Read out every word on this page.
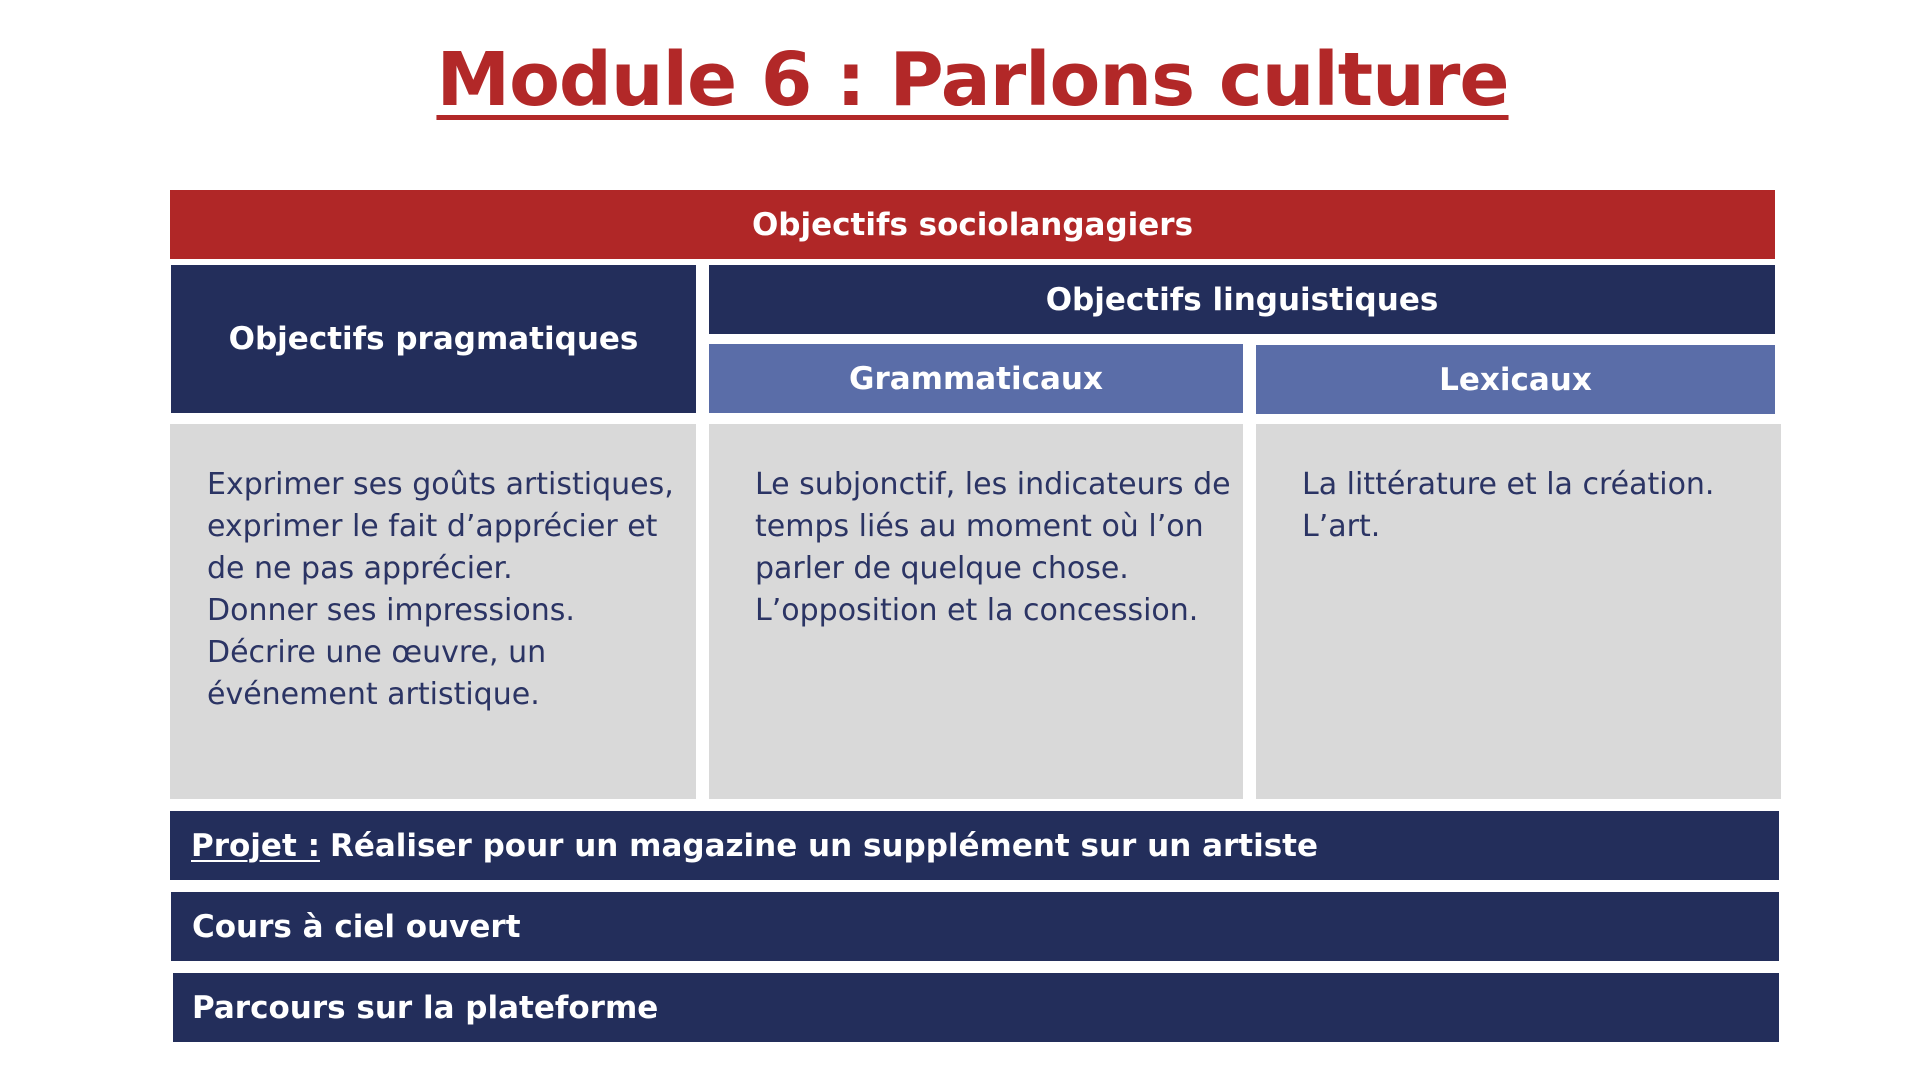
Module 6 : Parlons culture
Objectifs sociolangagiers
Objectifs pragmatiques
Objectifs linguistiques
Grammaticaux	Lexicaux
Exprimer ses goûts artistiques,
exprimer le fait d’apprécier et
de ne pas apprécier.
Donner ses impressions.
Décrire une œuvre, un
événement artistique.
Le subjonctif, les indicateurs de
temps liés au moment où l’on
parler de quelque chose.
L’opposition et la concession.
La littérature et la création.
L’art.
Projet : Réaliser pour un magazine un supplément sur un artiste
Cours à ciel ouvert
Parcours sur la plateforme
